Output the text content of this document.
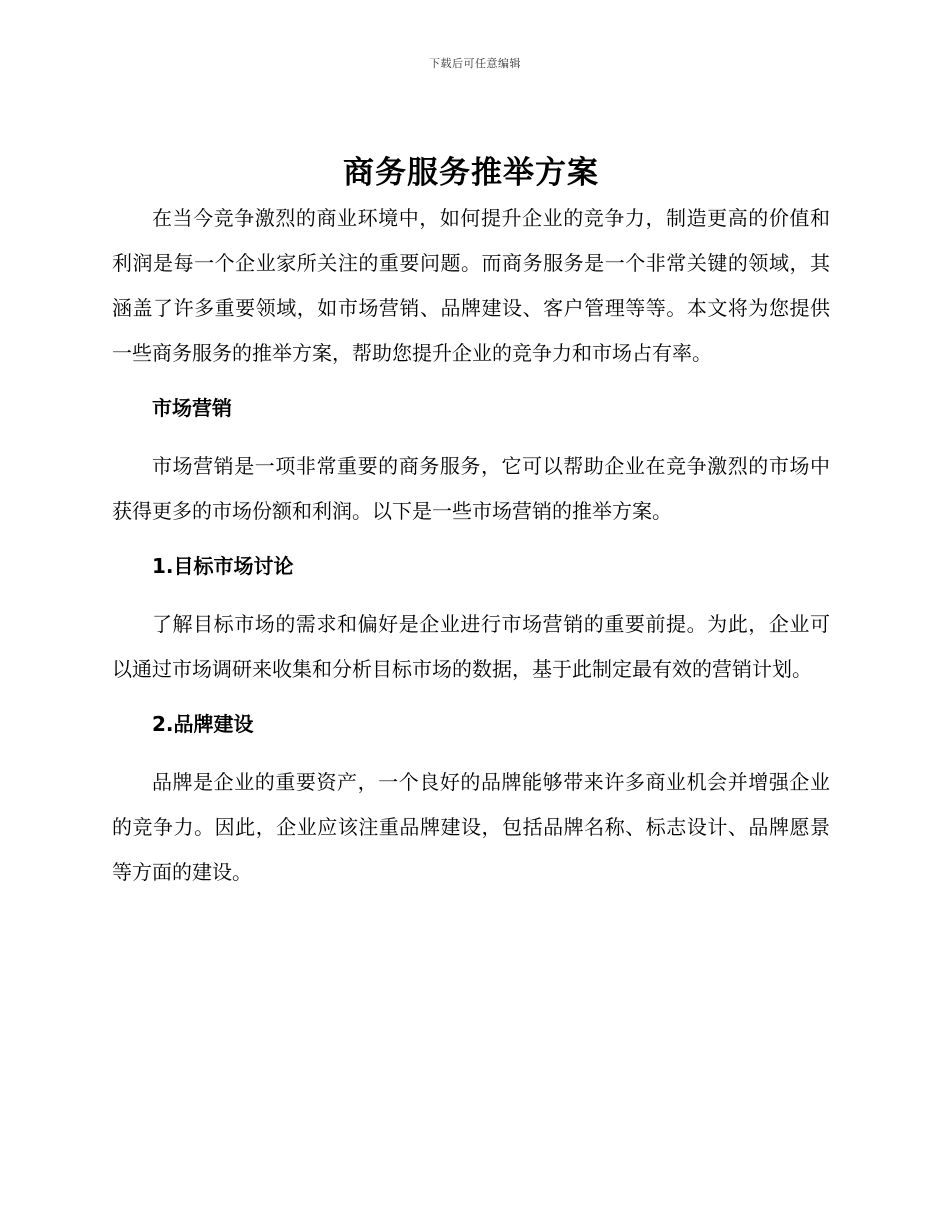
下载后可任意编辑
商务服务推举方案

在当今竞争激烈的商业环境中，如何提升企业的竞争力，制造更高的价值和利润是每一个企业家所关注的重要问题。而商务服务是一个非常关键的领域，其涵盖了许多重要领域，如市场营销、品牌建设、客户管理等等。本文将为您提供一些商务服务的推举方案，帮助您提升企业的竞争力和市场占有率。

市场营销

市场营销是一项非常重要的商务服务，它可以帮助企业在竞争激烈的市场中获得更多的市场份额和利润。以下是一些市场营销的推举方案。

1.目标市场讨论

了解目标市场的需求和偏好是企业进行市场营销的重要前提。为此，企业可以通过市场调研来收集和分析目标市场的数据，基于此制定最有效的营销计划。

2.品牌建设

品牌是企业的重要资产，一个良好的品牌能够带来许多商业机会并增强企业的竞争力。因此，企业应该注重品牌建设，包括品牌名称、标志设计、品牌愿景等方面的建设。
